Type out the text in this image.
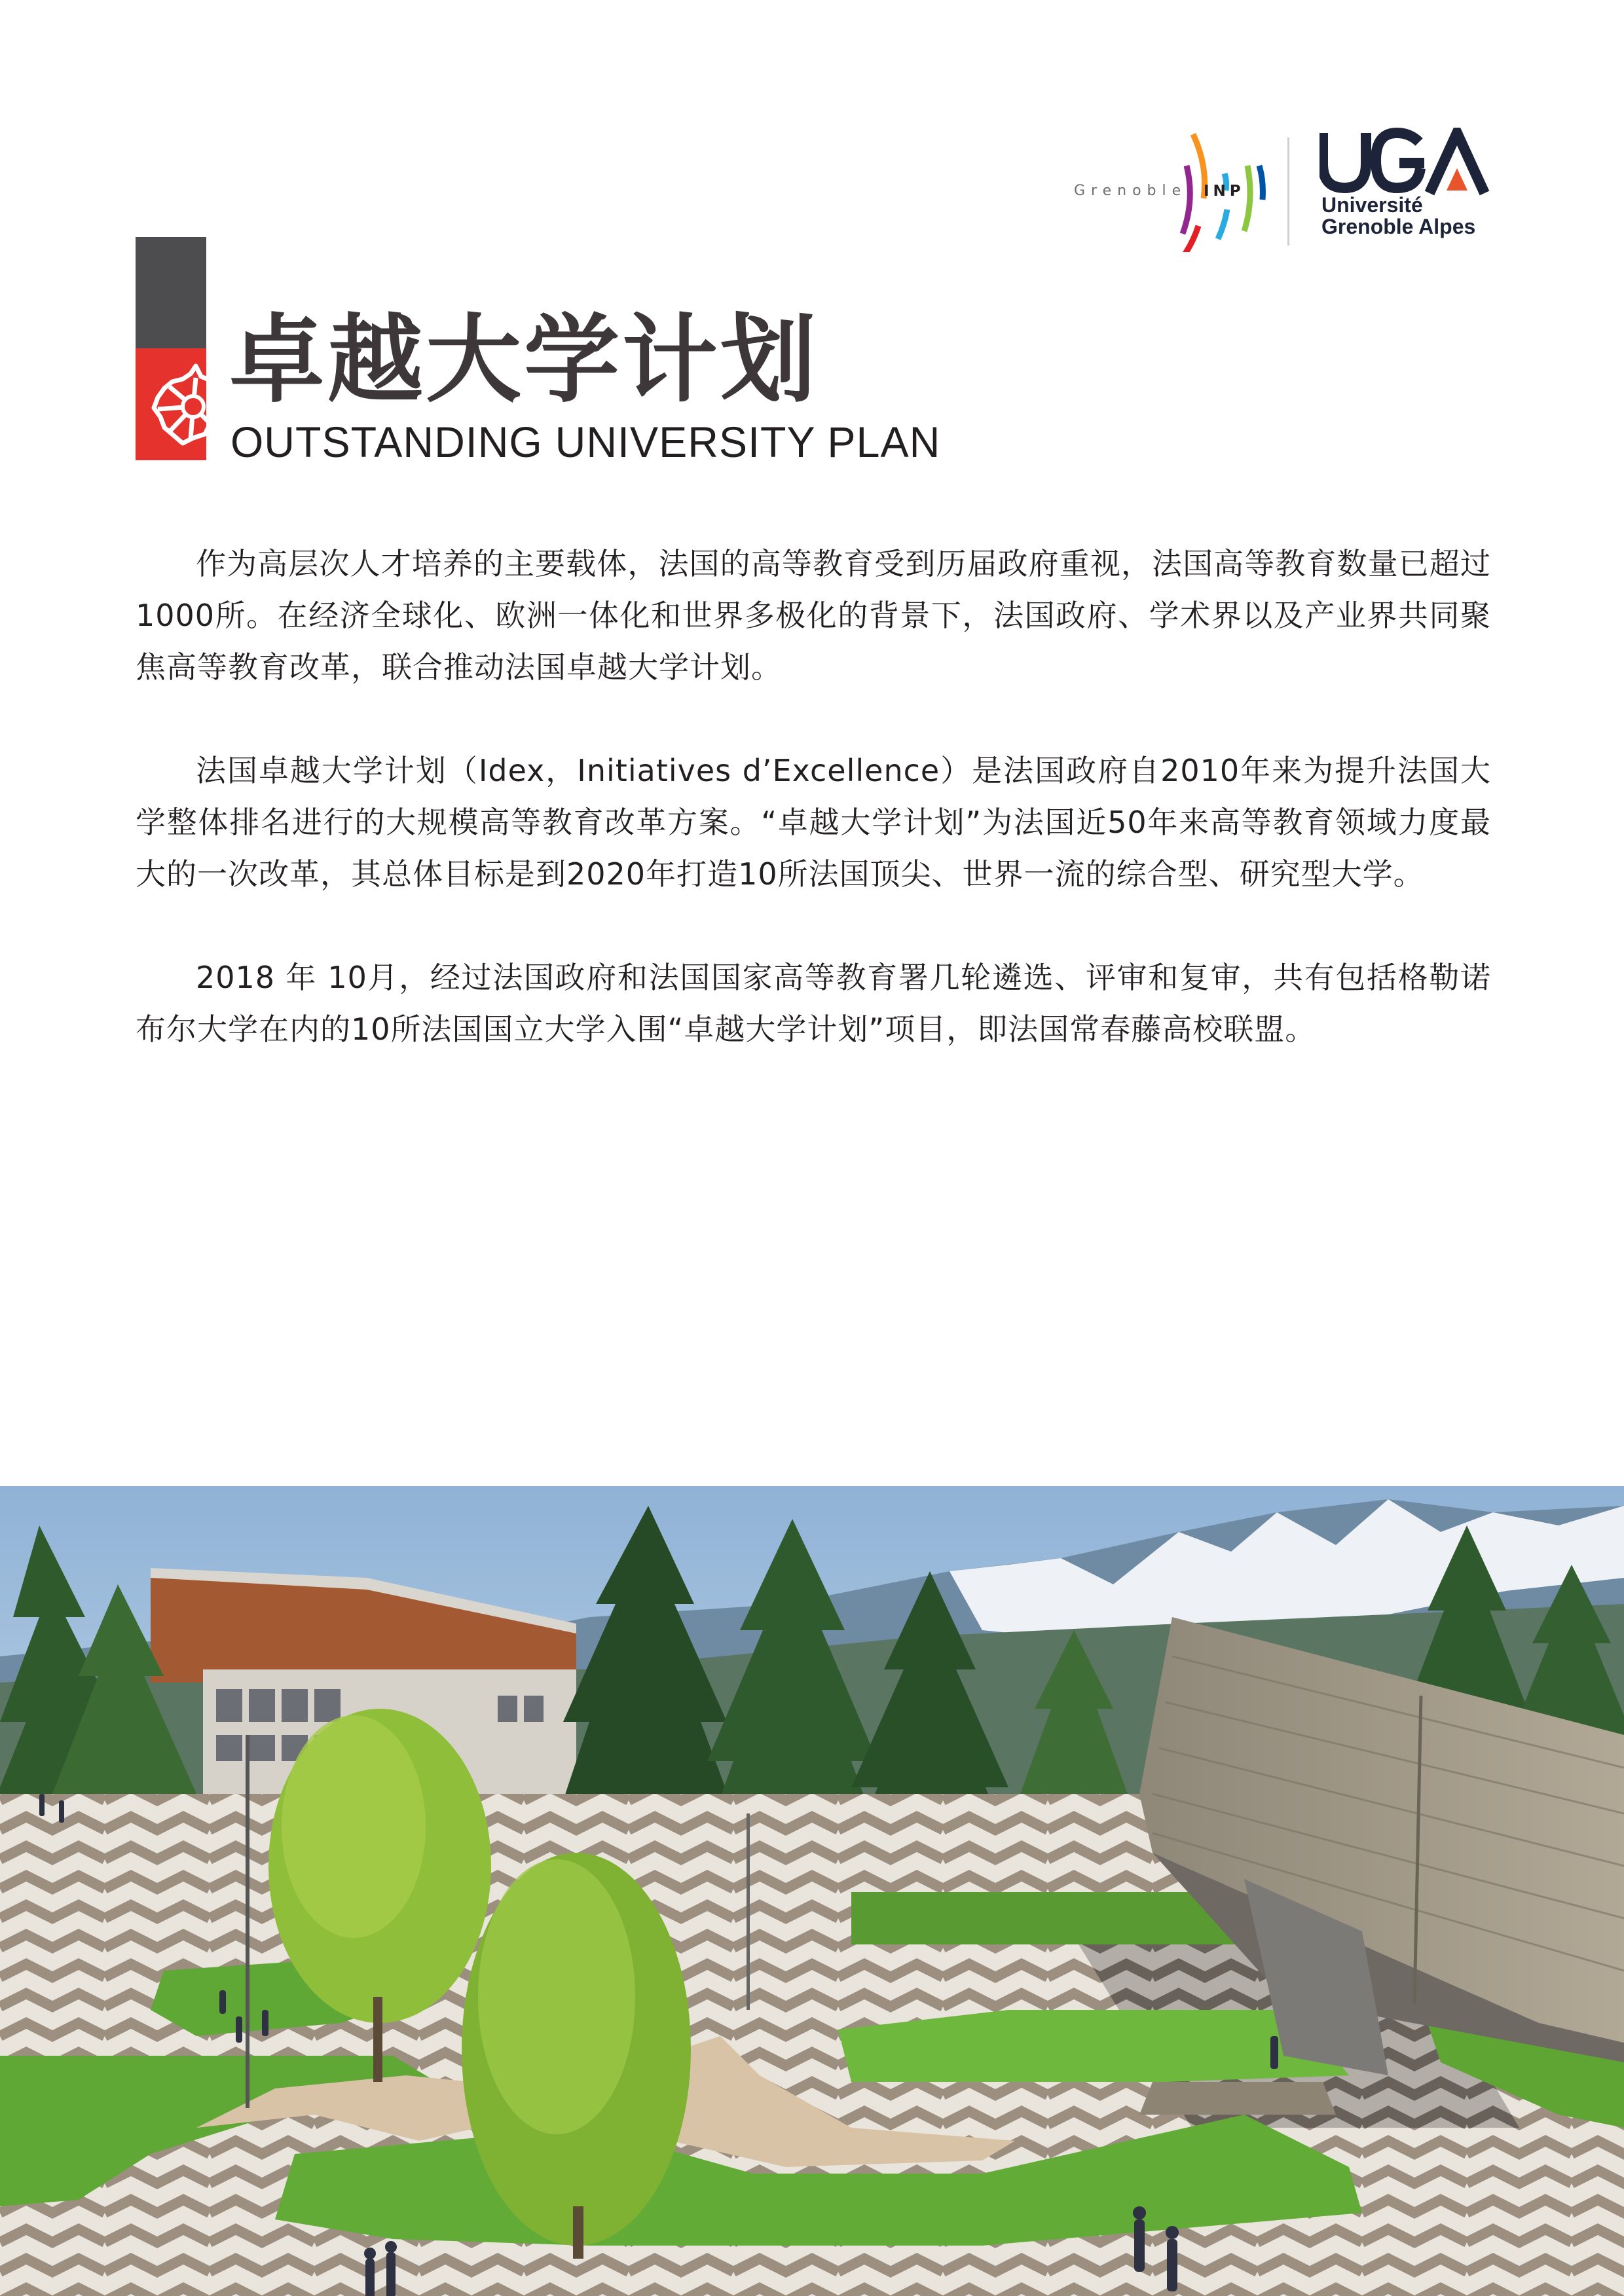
Grenoble INP
Université
Grenoble Alpes
卓越大学计划
OUTSTANDING UNIVERSITY PLAN

作为高层次人才培养的主要载体，法国的高等教育受到历届政府重视，法国高等教育数量已超过1000所。在经济全球化、欧洲一体化和世界多极化的背景下，法国政府、学术界以及产业界共同聚焦高等教育改革，联合推动法国卓越大学计划。

法国卓越大学计划（Idex，Initiatives d’Excellence）是法国政府自2010年来为提升法国大学整体排名进行的大规模高等教育改革方案。“卓越大学计划”为法国近50年来高等教育领域力度最大的一次改革，其总体目标是到2020年打造10所法国顶尖、世界一流的综合型、研究型大学。

2018 年 10月，经过法国政府和法国国家高等教育署几轮遴选、评审和复审，共有包括格勒诺布尔大学在内的10所法国国立大学入围“卓越大学计划”项目，即法国常春藤高校联盟。
